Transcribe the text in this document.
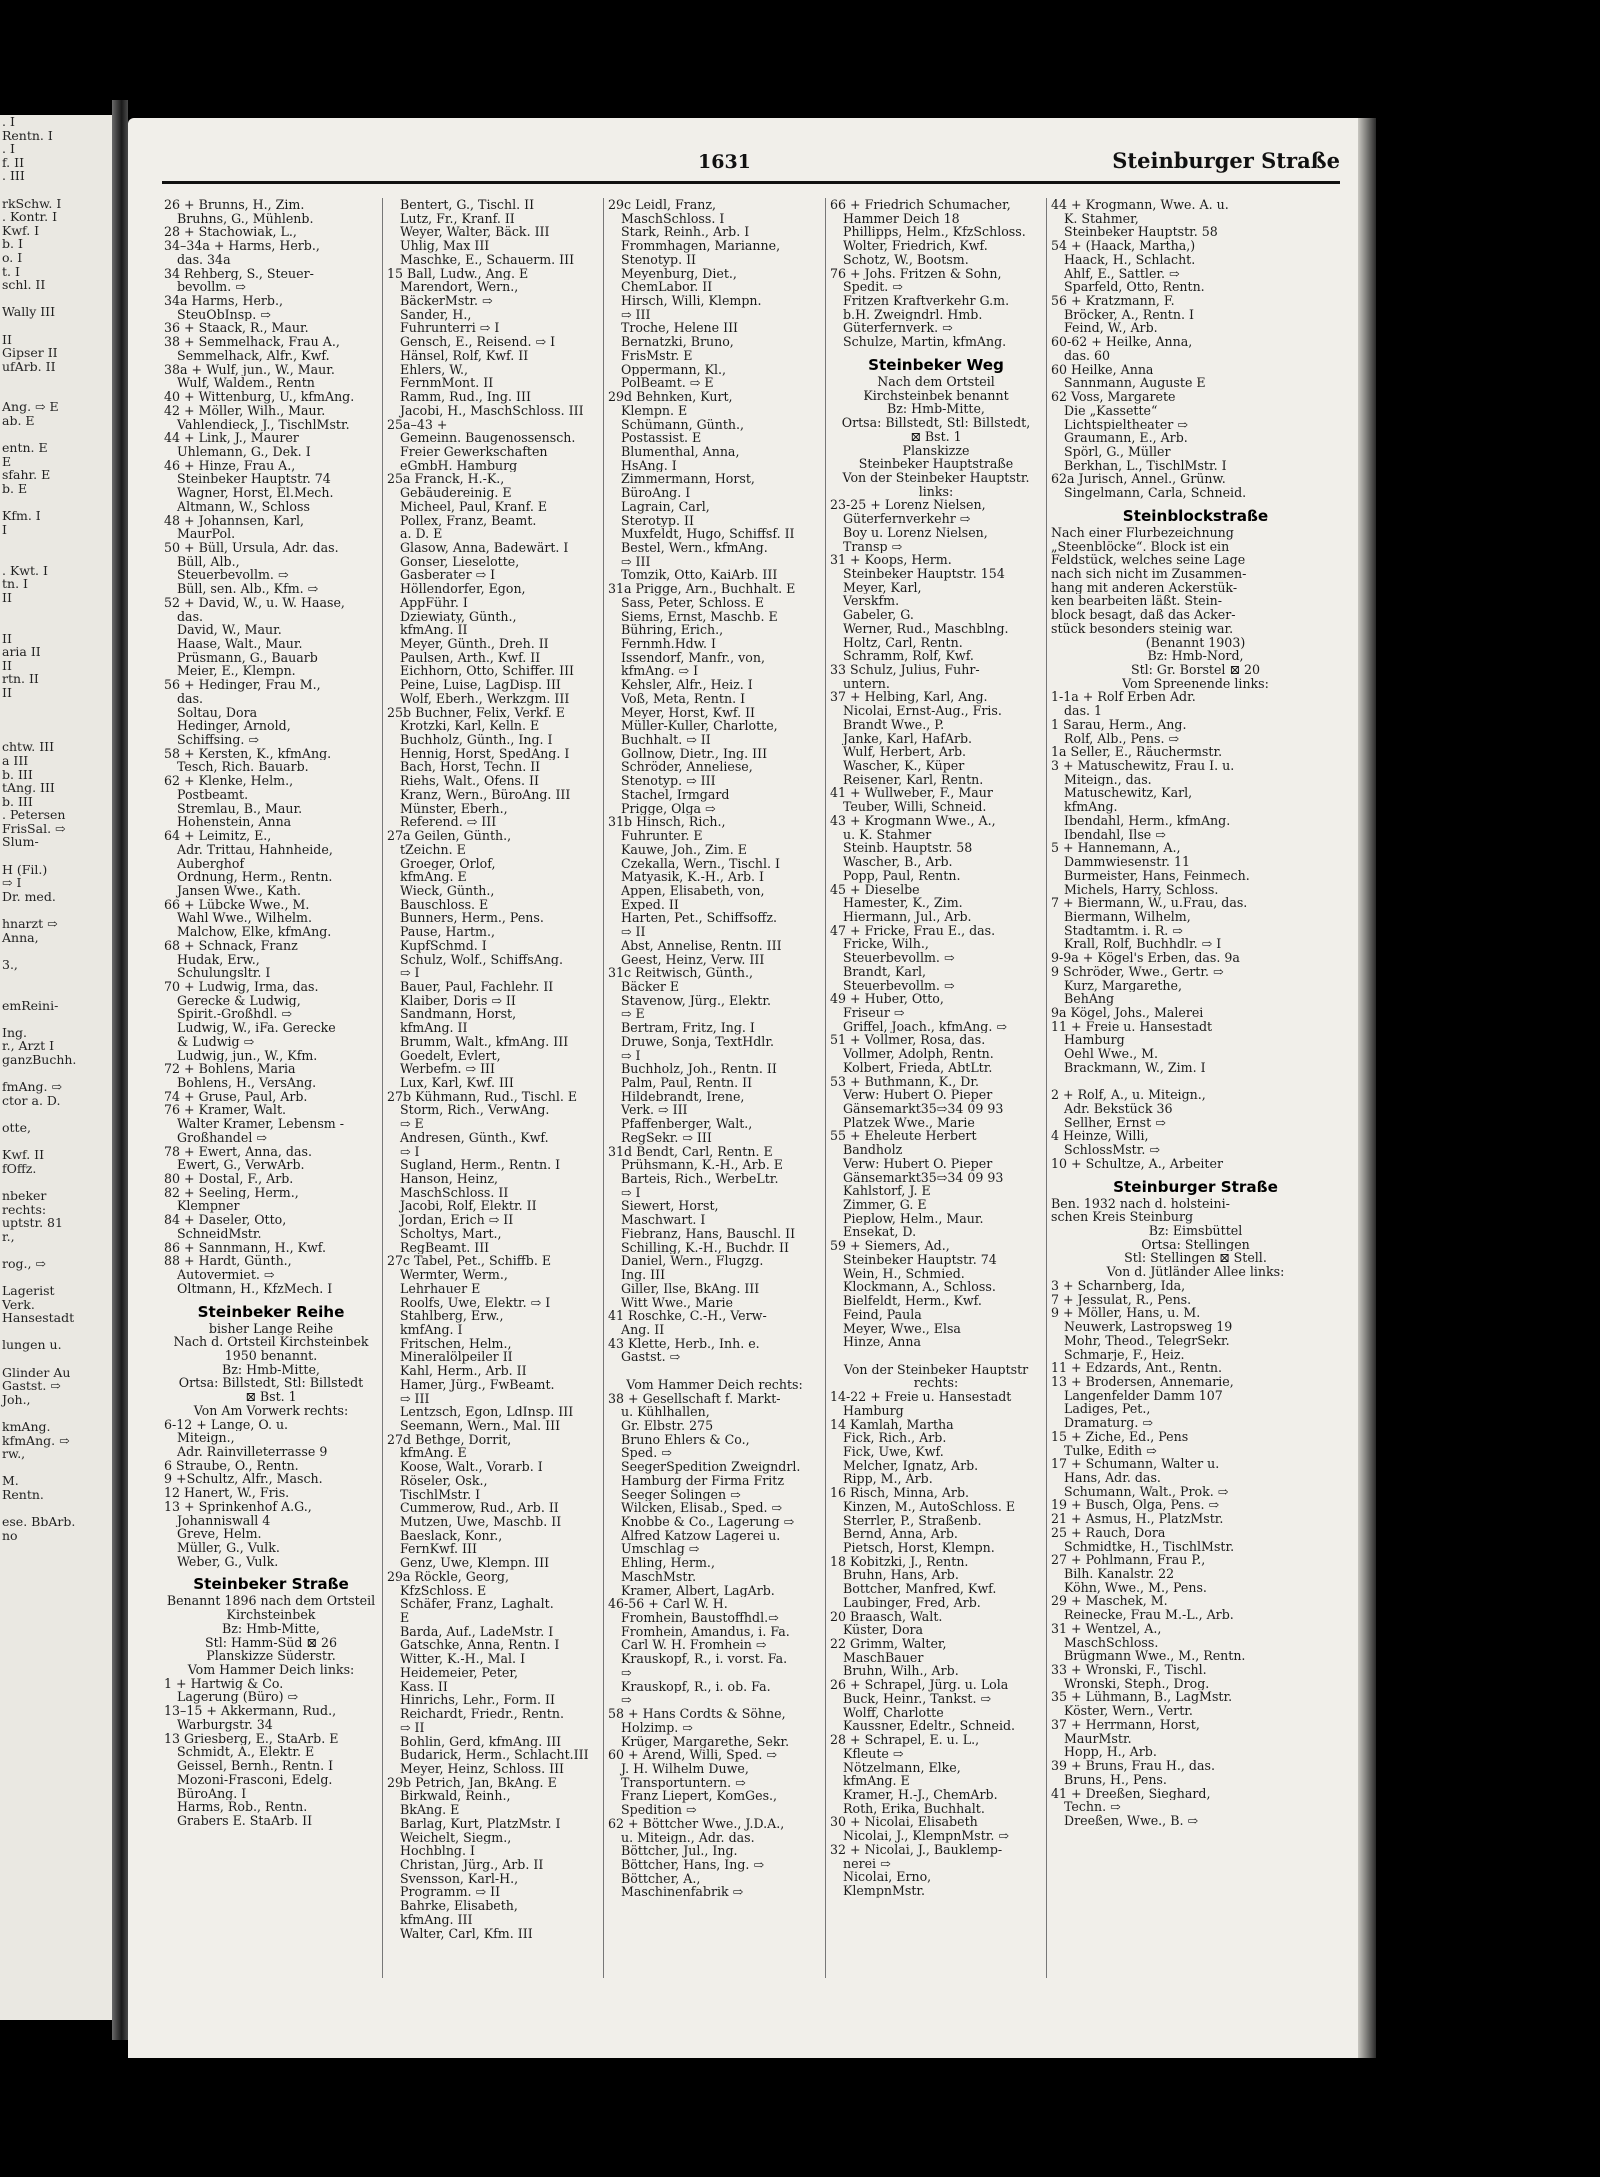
. I
Rentn. I
. I
f. II
. III

rkSchw. I
. Kontr. I
Kwf. I
b. I
o. I
t. I
schl. II

Wally III

II
Gipser II
ufArb. II

Ang. ⇨ E
ab. E

entn. E
E
sfahr. E
b. E

Kfm. I
I

. Kwt. I
tn. I
II

II
aria II
II
rtn. II
II

chtw. III
a III
b. III
tAng. III
b. III
. Petersen
FrisSal. ⇨
Slum-

H (Fil.)
⇨ I
Dr. med.

hnarzt ⇨
Anna,

3.,

emReini-

Ing.
r., Arzt I
ganzBuchh.

fmAng. ⇨
ctor a. D.

otte,

Kwf. II
fOffz.

nbeker
rechts:
uptstr. 81
r.,

rog., ⇨

Lagerist
Verk.
Hansestadt

lungen u.

Glinder Au
Gastst. ⇨
Joh.,

kmAng.
kfmAng. ⇨
rw.,

M.
Rentn.

ese. BbArb.
no
1631	Steinburger Straße
26 + Brunns, H., Zim.
Bruhns, G., Mühlenb.
28 + Stachowiak, L.,
34–34a + Harms, Herb.,
das. 34a
34 Rehberg, S., Steuer-
bevollm. ⇨
34a Harms, Herb.,
SteuObInsp. ⇨
36 + Staack, R., Maur.
38 + Semmelhack, Frau A.,
Semmelhack, Alfr., Kwf.
38a + Wulf, jun., W., Maur.
Wulf, Waldem., Rentn
40 + Wittenburg, U., kfmAng.
42 + Möller, Wilh., Maur.
Vahlendieck, J., TischlMstr.
44 + Link, J., Maurer
Uhlemann, G., Dek. I
46 + Hinze, Frau A.,
Steinbeker Hauptstr. 74
Wagner, Horst, El.Mech.
Altmann, W., Schloss
48 + Johannsen, Karl,
MaurPol.
50 + Büll, Ursula, Adr. das.
Büll, Alb.,
Steuerbevollm. ⇨
Büll, sen. Alb., Kfm. ⇨
52 + David, W., u. W. Haase,
das.
David, W., Maur.
Haase, Walt., Maur.
Prüsmann, G., Bauarb
Meier, E., Klempn.
56 + Hedinger, Frau M.,
das.
Soltau, Dora
Hedinger, Arnold,
Schiffsing. ⇨
58 + Kersten, K., kfmAng.
Tesch, Rich. Bauarb.
62 + Klenke, Helm.,
Postbeamt.
Stremlau, B., Maur.
Hohenstein, Anna
64 + Leimitz, E.,
Adr. Trittau, Hahnheide,
Auberghof
Ordnung, Herm., Rentn.
Jansen Wwe., Kath.
66 + Lübcke Wwe., M.
Wahl Wwe., Wilhelm.
Malchow, Elke, kfmAng.
68 + Schnack, Franz
Hudak, Erw.,
Schulungsltr. I
70 + Ludwig, Irma, das.
Gerecke & Ludwig,
Spirit.-Großhdl. ⇨
Ludwig, W., iFa. Gerecke
& Ludwig ⇨
Ludwig, jun., W., Kfm.
72 + Bohlens, Maria
Bohlens, H., VersAng.
74 + Gruse, Paul, Arb.
76 + Kramer, Walt.
Walter Kramer, Lebensm -
Großhandel ⇨
78 + Ewert, Anna, das.
Ewert, G., VerwArb.
80 + Dostal, F., Arb.
82 + Seeling, Herm.,
Klempner
84 + Daseler, Otto,
SchneidMstr.
86 + Sannmann, H., Kwf.
88 + Hardt, Günth.,
Autovermiet. ⇨
Oltmann, H., KfzMech. I
Steinbeker Reihe
bisher Lange Reihe
Nach d. Ortsteil Kirchsteinbek
1950 benannt.
Bz: Hmb-Mitte,
Ortsa: Billstedt, Stl: Billstedt
⊠ Bst. 1
Von Am Vorwerk rechts:
6-12 + Lange, O. u.
Miteign.,
Adr. Rainvilleterrasse 9
6 Straube, O., Rentn.
9 +Schultz, Alfr., Masch.
12 Hanert, W., Fris.
13 + Sprinkenhof A.G.,
Johanniswall 4
Greve, Helm.
Müller, G., Vulk.
Weber, G., Vulk.
Steinbeker Straße
Benannt 1896 nach dem Ortsteil
Kirchsteinbek
Bz: Hmb-Mitte,
Stl: Hamm-Süd ⊠ 26
Planskizze Süderstr.
Vom Hammer Deich links:
1 + Hartwig & Co.
Lagerung (Büro) ⇨
13–15 + Akkermann, Rud.,
Warburgstr. 34
13 Griesberg, E., StaArb. E
Schmidt, A., Elektr. E
Geissel, Bernh., Rentn. I
Mozoni-Frasconi, Edelg.
BüroAng. I
Harms, Rob., Rentn.
Grabers E. StaArb. II
Bentert, G., Tischl. II
Lutz, Fr., Kranf. II
Weyer, Walter, Bäck. III
Uhlig, Max III
Maschke, E., Schauerm. III
15 Ball, Ludw., Ang. E
Marendort, Wern.,
BäckerMstr. ⇨
Sander, H.,
Fuhrunterri ⇨ I
Gensch, E., Reisend. ⇨ I
Hänsel, Rolf, Kwf. II
Ehlers, W.,
FernmMont. II
Ramm, Rud., Ing. III
Jacobi, H., MaschSchloss. III
25a–43 +
Gemeinn. Baugenossensch.
Freier Gewerkschaften
eGmbH. Hamburg
25a Franck, H.-K.,
Gebäudereinig. E
Micheel, Paul, Kranf. E
Pollex, Franz, Beamt.
a. D. E
Glasow, Anna, Badewärt. I
Gonser, Lieselotte,
Gasberater ⇨ I
Höllendorfer, Egon,
AppFühr. I
Dziewiaty, Günth.,
kfmAng. II
Meyer, Günth., Dreh. II
Paulsen, Arth., Kwf. II
Eichhorn, Otto, Schiffer. III
Peine, Luise, LagDisp. III
Wolf, Eberh., Werkzgm. III
25b Buchner, Felix, Verkf. E
Krotzki, Karl, Kelln. E
Buchholz, Günth., Ing. I
Hennig, Horst, SpedAng. I
Bach, Horst, Techn. II
Riehs, Walt., Ofens. II
Kranz, Wern., BüroAng. III
Münster, Eberh.,
Referend. ⇨ III
27a Geilen, Günth.,
tZeichn. E
Groeger, Orlof,
kfmAng. E
Wieck, Günth.,
Bauschloss. E
Bunners, Herm., Pens.
Pause, Hartm.,
KupfSchmd. I
Schulz, Wolf., SchiffsAng.
⇨ I
Bauer, Paul, Fachlehr. II
Klaiber, Doris ⇨ II
Sandmann, Horst,
kfmAng. II
Brumm, Walt., kfmAng. III
Goedelt, Evlert,
Werbefm. ⇨ III
Lux, Karl, Kwf. III
27b Kühmann, Rud., Tischl. E
Storm, Rich., VerwAng.
⇨ E
Andresen, Günth., Kwf.
⇨ I
Sugland, Herm., Rentn. I
Hanson, Heinz,
MaschSchloss. II
Jacobi, Rolf, Elektr. II
Jordan, Erich ⇨ II
Scholtys, Mart.,
RegBeamt. III
27c Tabel, Pet., Schiffb. E
Wermter, Werm.,
Lehrhauer E
Roolfs, Uwe, Elektr. ⇨ I
Stahlberg, Erw.,
kmfAng. I
Fritschen, Helm.,
Mineralölpeiler II
Kahl, Herm., Arb. II
Hamer, Jürg., FwBeamt.
⇨ III
Lentzsch, Egon, LdInsp. III
Seemann, Wern., Mal. III
27d Bethge, Dorrit,
kfmAng. E
Koose, Walt., Vorarb. I
Röseler, Osk.,
TischlMstr. I
Cummerow, Rud., Arb. II
Mutzen, Uwe, Maschb. II
Baeslack, Konr.,
FernKwf. III
Genz, Uwe, Klempn. III
29a Röckle, Georg,
KfzSchloss. E
Schäfer, Franz, Laghalt.
E
Barda, Auf., LadeMstr. I
Gatschke, Anna, Rentn. I
Witter, K.-H., Mal. I
Heidemeier, Peter,
Kass. II
Hinrichs, Lehr., Form. II
Reichardt, Friedr., Rentn.
⇨ II
Bohlin, Gerd, kfmAng. III
Budarick, Herm., Schlacht.III
Meyer, Heinz, Schloss. III
29b Petrich, Jan, BkAng. E
Birkwald, Reinh.,
BkAng. E
Barlag, Kurt, PlatzMstr. I
Weichelt, Siegm.,
Hochblng. I
Christan, Jürg., Arb. II
Svensson, Karl-H.,
Programm. ⇨ II
Bahrke, Elisabeth,
kfmAng. III
Walter, Carl, Kfm. III
29c Leidl, Franz,
MaschSchloss. I
Stark, Reinh., Arb. I
Frommhagen, Marianne,
Stenotyp. II
Meyenburg, Diet.,
ChemLabor. II
Hirsch, Willi, Klempn.
⇨ III
Troche, Helene III
Bernatzki, Bruno,
FrisMstr. E
Oppermann, Kl.,
PolBeamt. ⇨ E
29d Behnken, Kurt,
Klempn. E
Schümann, Günth.,
Postassist. E
Blumenthal, Anna,
HsAng. I
Zimmermann, Horst,
BüroAng. I
Lagrain, Carl,
Sterotyp. II
Muxfeldt, Hugo, Schiffsf. II
Bestel, Wern., kfmAng.
⇨ III
Tomzik, Otto, KaiArb. III
31a Prigge, Arn., Buchhalt. E
Sass, Peter, Schloss. E
Siems, Ernst, Maschb. E
Bühring, Erich.,
Fernmh.Hdw. I
Issendorf, Manfr., von,
kfmAng. ⇨ I
Kehsler, Alfr., Heiz. I
Voß, Meta, Rentn. I
Meyer, Horst, Kwf. II
Müller-Kuller, Charlotte,
Buchhalt. ⇨ II
Gollnow, Dietr., Ing. III
Schröder, Anneliese,
Stenotyp. ⇨ III
Stachel, Irmgard
Prigge, Olga ⇨
31b Hinsch, Rich.,
Fuhrunter. E
Kauwe, Joh., Zim. E
Czekalla, Wern., Tischl. I
Matyasik, K.-H., Arb. I
Appen, Elisabeth, von,
Exped. II
Harten, Pet., Schiffsoffz.
⇨ II
Abst, Annelise, Rentn. III
Geest, Heinz, Verw. III
31c Reitwisch, Günth.,
Bäcker E
Stavenow, Jürg., Elektr.
⇨ E
Bertram, Fritz, Ing. I
Druwe, Sonja, TextHdlr.
⇨ I
Buchholz, Joh., Rentn. II
Palm, Paul, Rentn. II
Hildebrandt, Irene,
Verk. ⇨ III
Pfaffenberger, Walt.,
RegSekr. ⇨ III
31d Bendt, Carl, Rentn. E
Prühsmann, K.-H., Arb. E
Barteis, Rich., WerbeLtr.
⇨ I
Siewert, Horst,
Maschwart. I
Fiebranz, Hans, Bauschl. II
Schilling, K.-H., Buchdr. II
Daniel, Wern., Flugzg.
Ing. III
Giller, Ilse, BkAng. III
Witt Wwe., Marie
41 Roschke, C.-H., Verw-
Ang. II
43 Klette, Herb., Inh. e.
Gastst. ⇨

Vom Hammer Deich rechts:
38 + Gesellschaft f. Markt-
u. Kühlhallen,
Gr. Elbstr. 275
Bruno Ehlers & Co.,
Sped. ⇨
SeegerSpedition Zweigndrl.
Hamburg der Firma Fritz
Seeger Solingen ⇨
Wilcken, Elisab., Sped. ⇨
Knobbe & Co., Lagerung ⇨
Alfred Katzow Lagerei u.
Umschlag ⇨
Ehling, Herm.,
MaschMstr.
Kramer, Albert, LagArb.
46-56 + Carl W. H.
Fromhein, Baustoffhdl.⇨
Fromhein, Amandus, i. Fa.
Carl W. H. Fromhein ⇨
Krauskopf, R., i. vorst. Fa.
⇨
Krauskopf, R., i. ob. Fa.
⇨
58 + Hans Cordts & Söhne,
Holzimp. ⇨
Krüger, Margarethe, Sekr.
60 + Arend, Willi, Sped. ⇨
J. H. Wilhelm Duwe,
Transportuntern. ⇨
Franz Liepert, KomGes.,
Spedition ⇨
62 + Böttcher Wwe., J.D.A.,
u. Miteign., Adr. das.
Böttcher, Jul., Ing.
Böttcher, Hans, Ing. ⇨
Böttcher, A.,
Maschinenfabrik ⇨
66 + Friedrich Schumacher,
Hammer Deich 18
Phillipps, Helm., KfzSchloss.
Wolter, Friedrich, Kwf.
Schotz, W., Bootsm.
76 + Johs. Fritzen & Sohn,
Spedit. ⇨
Fritzen Kraftverkehr G.m.
b.H. Zweigndrl. Hmb.
Güterfernverk. ⇨
Schulze, Martin, kfmAng.
Steinbeker Weg
Nach dem Ortsteil
Kirchsteinbek benannt
Bz: Hmb-Mitte,
Ortsa: Billstedt, Stl: Billstedt,
⊠ Bst. 1
Planskizze
Steinbeker Hauptstraße
Von der Steinbeker Hauptstr.
links:
23-25 + Lorenz Nielsen,
Güterfernverkehr ⇨
Boy u. Lorenz Nielsen,
Transp ⇨
31 + Koops, Herm.
Steinbeker Hauptstr. 154
Meyer, Karl,
Verskfm.
Gabeler, G.
Werner, Rud., Maschblng.
Holtz, Carl, Rentn.
Schramm, Rolf, Kwf.
33 Schulz, Julius, Fuhr-
untern.
37 + Helbing, Karl, Ang.
Nicolai, Ernst-Aug., Fris.
Brandt Wwe., P.
Janke, Karl, HafArb.
Wulf, Herbert, Arb.
Wascher, K., Küper
Reisener, Karl, Rentn.
41 + Wullweber, F., Maur
Teuber, Willi, Schneid.
43 + Krogmann Wwe., A.,
u. K. Stahmer
Steinb. Hauptstr. 58
Wascher, B., Arb.
Popp, Paul, Rentn.
45 + Dieselbe
Hamester, K., Zim.
Hiermann, Jul., Arb.
47 + Fricke, Frau E., das.
Fricke, Wilh.,
Steuerbevollm. ⇨
Brandt, Karl,
Steuerbevollm. ⇨
49 + Huber, Otto,
Friseur ⇨
Griffel, Joach., kfmAng. ⇨
51 + Vollmer, Rosa, das.
Vollmer, Adolph, Rentn.
Kolbert, Frieda, AbtLtr.
53 + Buthmann, K., Dr.
Verw: Hubert O. Pieper
Gänsemarkt35⇨34 09 93
Platzek Wwe., Marie
55 + Eheleute Herbert
Bandholz
Verw: Hubert O. Pieper
Gänsemarkt35⇨34 09 93
Kahlstorf, J. E
Zimmer, G. E
Pieplow, Helm., Maur.
Ensekat, D.
59 + Siemers, Ad.,
Steinbeker Hauptstr. 74
Wein, H., Schmied.
Klockmann, A., Schloss.
Bielfeldt, Herm., Kwf.
Feind, Paula
Meyer, Wwe., Elsa
Hinze, Anna

Von der Steinbeker Hauptstr
rechts:
14-22 + Freie u. Hansestadt
Hamburg
14 Kamlah, Martha
Fick, Rich., Arb.
Fick, Uwe, Kwf.
Melcher, Ignatz, Arb.
Ripp, M., Arb.
16 Risch, Minna, Arb.
Kinzen, M., AutoSchloss. E
Sterrler, P., Straßenb.
Bernd, Anna, Arb.
Pietsch, Horst, Klempn.
18 Kobitzki, J., Rentn.
Bruhn, Hans, Arb.
Bottcher, Manfred, Kwf.
Laubinger, Fred, Arb.
20 Braasch, Walt.
Küster, Dora
22 Grimm, Walter,
MaschBauer
Bruhn, Wilh., Arb.
26 + Schrapel, Jürg. u. Lola
Buck, Heinr., Tankst. ⇨
Wolff, Charlotte
Kaussner, Edeltr., Schneid.
28 + Schrapel, E. u. L.,
Kfleute ⇨
Nötzelmann, Elke,
kfmAng. E
Kramer, H.-J., ChemArb.
Roth, Erika, Buchhalt.
30 + Nicolai, Elisabeth
Nicolai, J., KlempnMstr. ⇨
32 + Nicolai, J., Bauklemp-
nerei ⇨
Nicolai, Erno,
KlempnMstr.
44 + Krogmann, Wwe. A. u.
K. Stahmer,
Steinbeker Hauptstr. 58
54 + (Haack, Martha,)
Haack, H., Schlacht.
Ahlf, E., Sattler. ⇨
Sparfeld, Otto, Rentn.
56 + Kratzmann, F.
Bröcker, A., Rentn. I
Feind, W., Arb.
60-62 + Heilke, Anna,
das. 60
60 Heilke, Anna
Sannmann, Auguste E
62 Voss, Margarete
Die „Kassette“
Lichtspieltheater ⇨
Graumann, E., Arb.
Spörl, G., Müller
Berkhan, L., TischlMstr. I
62a Jurisch, Annel., Grünw.
Singelmann, Carla, Schneid.
Steinblockstraße
Nach einer Flurbezeichnung
„Steenblöcke“. Block ist ein
Feldstück, welches seine Lage
nach sich nicht im Zusammen-
hang mit anderen Ackerstük-
ken bearbeiten läßt. Stein-
block besagt, daß das Acker-
stück besonders steinig war.
(Benannt 1903)
Bz: Hmb-Nord,
Stl: Gr. Borstel ⊠ 20
Vom Spreenende links:
1-1a + Rolf Erben Adr.
das. 1
1 Sarau, Herm., Ang.
Rolf, Alb., Pens. ⇨
1a Seller, E., Räuchermstr.
3 + Matuschewitz, Frau I. u.
Miteign., das.
Matuschewitz, Karl,
kfmAng.
Ibendahl, Herm., kfmAng.
Ibendahl, Ilse ⇨
5 + Hannemann, A.,
Dammwiesenstr. 11
Burmeister, Hans, Feinmech.
Michels, Harry, Schloss.
7 + Biermann, W., u.Frau, das.
Biermann, Wilhelm,
Stadtamtm. i. R. ⇨
Krall, Rolf, Buchhdlr. ⇨ I
9-9a + Kögel's Erben, das. 9a
9 Schröder, Wwe., Gertr. ⇨
Kurz, Margarethe,
BehAng
9a Kögel, Johs., Malerei
11 + Freie u. Hansestadt
Hamburg
Oehl Wwe., M.
Brackmann, W., Zim. I

2 + Rolf, A., u. Miteign.,
Adr. Bekstück 36
Sellher, Ernst ⇨
4 Heinze, Willi,
SchlossMstr. ⇨
10 + Schultze, A., Arbeiter
Steinburger Straße
Ben. 1932 nach d. holsteini-
schen Kreis Steinburg
Bz: Eimsbüttel
Ortsa: Stellingen
Stl: Stellingen ⊠ Stell.
Von d. Jütländer Allee links:
3 + Scharnberg, Ida,
7 + Jessulat, R., Pens.
9 + Möller, Hans, u. M.
Neuwerk, Lastropsweg 19
Mohr, Theod., TelegrSekr.
Schmarje, F., Heiz.
11 + Edzards, Ant., Rentn.
13 + Brodersen, Annemarie,
Langenfelder Damm 107
Ladiges, Pet.,
Dramaturg. ⇨
15 + Ziche, Ed., Pens
Tulke, Edith ⇨
17 + Schumann, Walter u.
Hans, Adr. das.
Schumann, Walt., Prok. ⇨
19 + Busch, Olga, Pens. ⇨
21 + Asmus, H., PlatzMstr.
25 + Rauch, Dora
Schmidtke, H., TischlMstr.
27 + Pohlmann, Frau P.,
Bilh. Kanalstr. 22
Köhn, Wwe., M., Pens.
29 + Maschek, M.
Reinecke, Frau M.-L., Arb.
31 + Wentzel, A.,
MaschSchloss.
Brügmann Wwe., M., Rentn.
33 + Wronski, F., Tischl.
Wronski, Steph., Drog.
35 + Lühmann, B., LagMstr.
Köster, Wern., Vertr.
37 + Herrmann, Horst,
MaurMstr.
Hopp, H., Arb.
39 + Bruns, Frau H., das.
Bruns, H., Pens.
41 + Dreeßen, Sieghard,
Techn. ⇨
Dreeßen, Wwe., B. ⇨
